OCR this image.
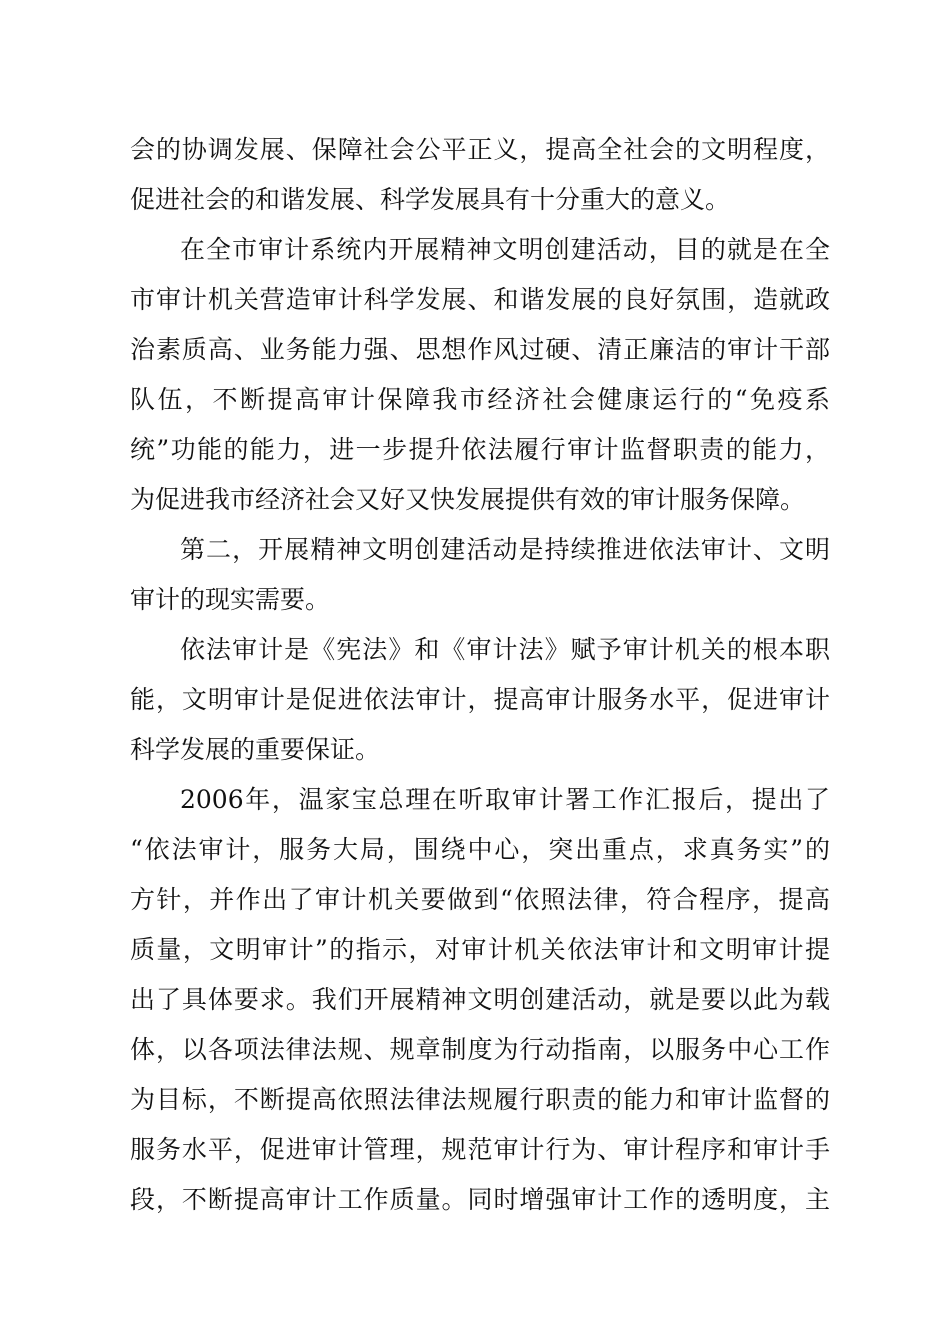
会的协调发展、保障社会公平正义，提高全社会的文明程度，
促进社会的和谐发展、科学发展具有十分重大的意义。
在全市审计系统内开展精神文明创建活动，目的就是在全
市审计机关营造审计科学发展、和谐发展的良好氛围，造就政
治素质高、业务能力强、思想作风过硬、清正廉洁的审计干部
队伍，不断提高审计保障我市经济社会健康运行的“免疫系
统”功能的能力，进一步提升依法履行审计监督职责的能力，
为促进我市经济社会又好又快发展提供有效的审计服务保障。
第二，开展精神文明创建活动是持续推进依法审计、文明
审计的现实需要。
依法审计是《宪法》和《审计法》赋予审计机关的根本职
能，文明审计是促进依法审计，提高审计服务水平，促进审计
科学发展的重要保证。
2006年，温家宝总理在听取审计署工作汇报后，提出了
“依法审计，服务大局，围绕中心，突出重点，求真务实”的
方针，并作出了审计机关要做到“依照法律，符合程序，提高
质量，文明审计”的指示，对审计机关依法审计和文明审计提
出了具体要求。我们开展精神文明创建活动，就是要以此为载
体，以各项法律法规、规章制度为行动指南，以服务中心工作
为目标，不断提高依照法律法规履行职责的能力和审计监督的
服务水平，促进审计管理，规范审计行为、审计程序和审计手
段，不断提高审计工作质量。同时增强审计工作的透明度，主
